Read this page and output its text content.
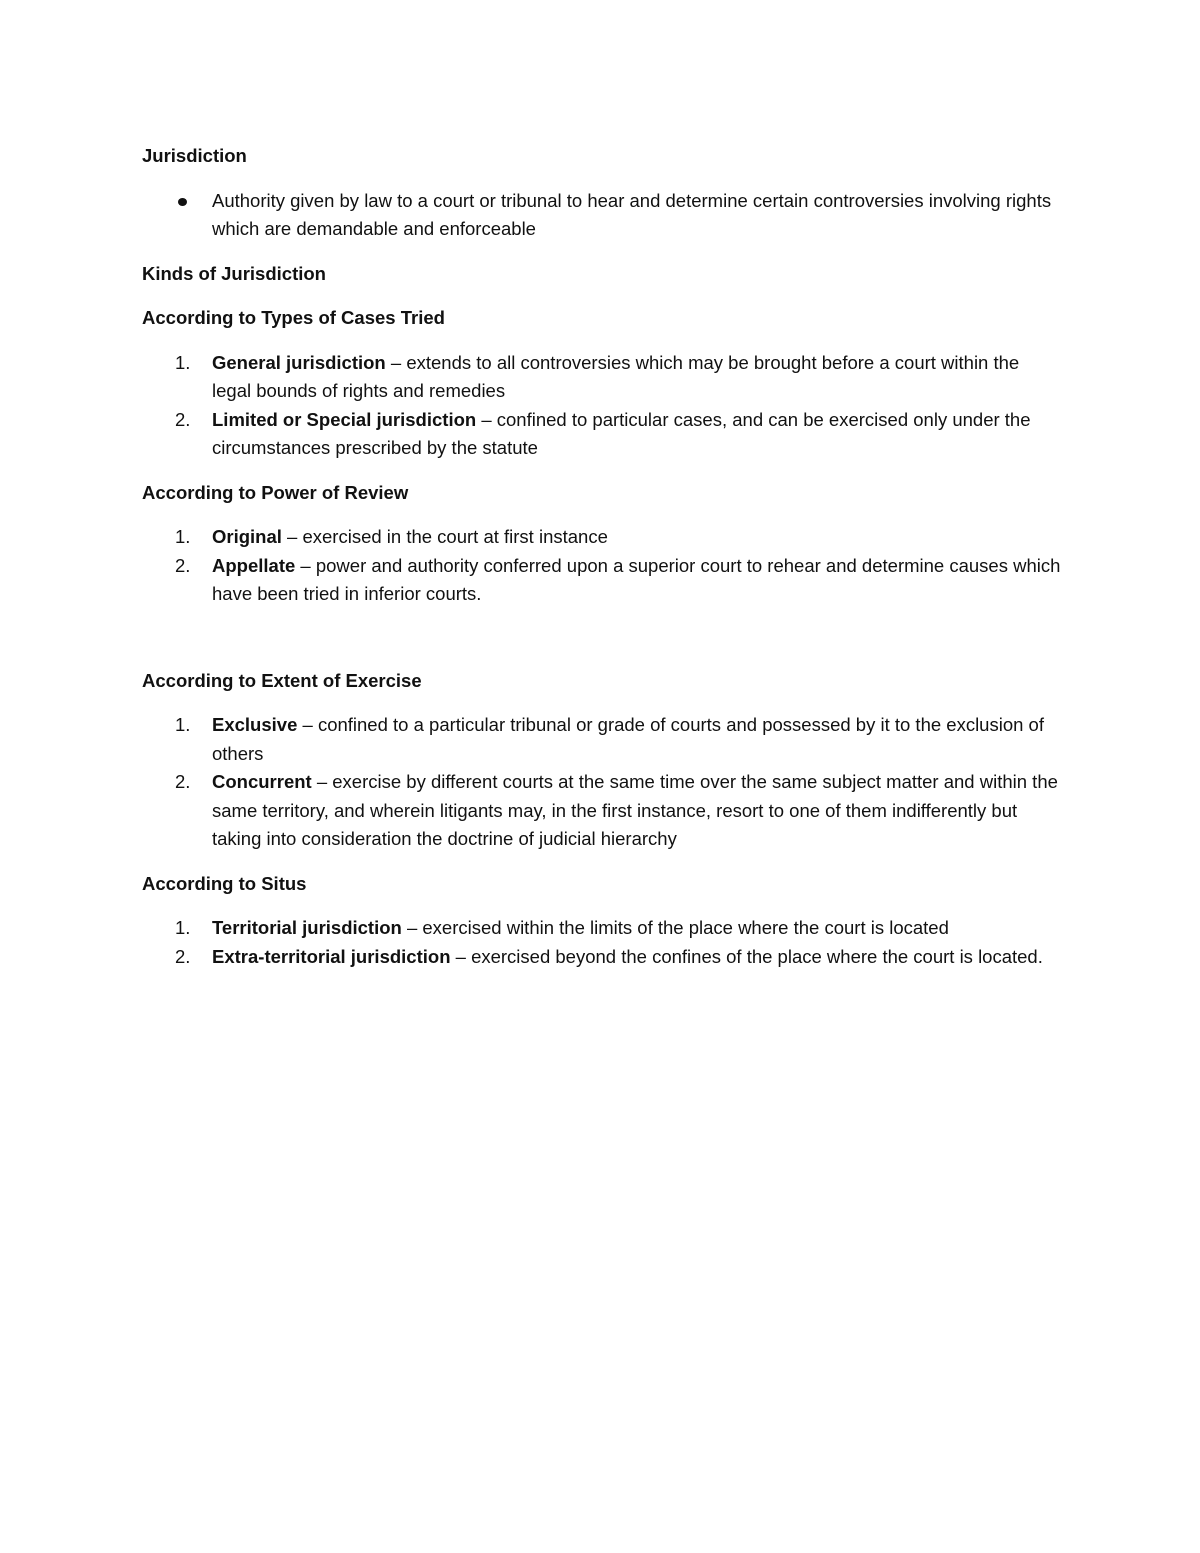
Jurisdiction
Authority given by law to a court or tribunal to hear and determine certain controversies involving rights which are demandable and enforceable
Kinds of Jurisdiction
According to Types of Cases Tried
1. General jurisdiction – extends to all controversies which may be brought before a court within the legal bounds of rights and remedies
2. Limited or Special jurisdiction – confined to particular cases, and can be exercised only under the circumstances prescribed by the statute
According to Power of Review
1. Original – exercised in the court at first instance
2. Appellate – power and authority conferred upon a superior court to rehear and determine causes which have been tried in inferior courts.
According to Extent of Exercise
1. Exclusive – confined to a particular tribunal or grade of courts and possessed by it to the exclusion of others
2. Concurrent – exercise by different courts at the same time over the same subject matter and within the same territory, and wherein litigants may, in the first instance, resort to one of them indifferently but taking into consideration the doctrine of judicial hierarchy
According to Situs
1. Territorial jurisdiction – exercised within the limits of the place where the court is located
2. Extra-territorial jurisdiction – exercised beyond the confines of the place where the court is located.
